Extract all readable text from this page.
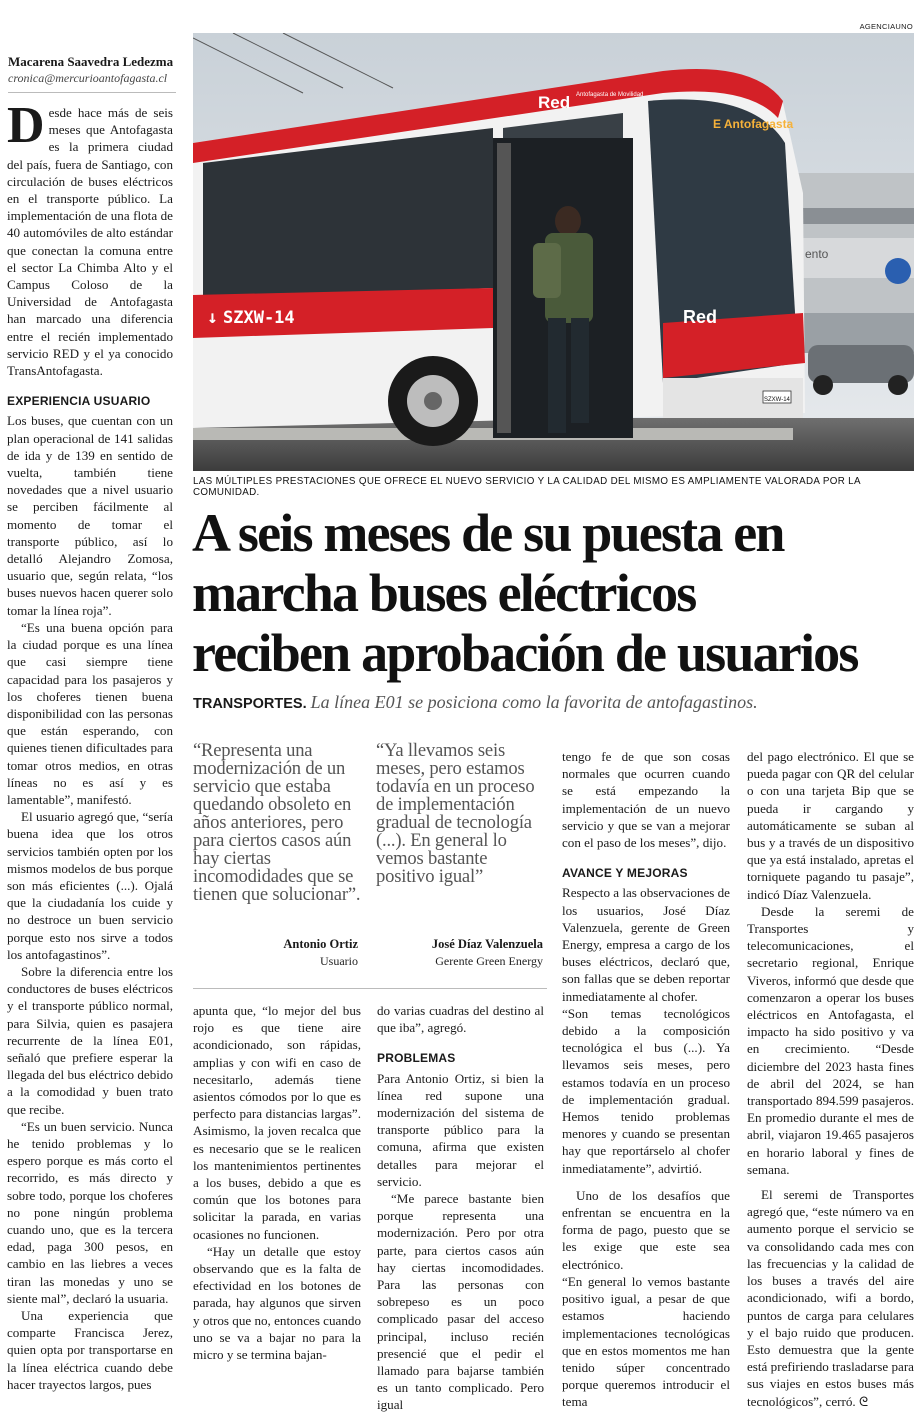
AGENCIAUNO
Macarena Saavedra Ledezma
cronica@mercurioantofagasta.cl
ento
↓ SZXW-14	Red
Red Antofagasta de Movilidad
E Antofagasta
SZXW-14
LAS MÚLTIPLES PRESTACIONES QUE OFRECE EL NUEVO SERVICIO Y LA CALIDAD DEL MISMO ES AMPLIAMENTE VALORADA POR LA COMUNIDAD.
A seis meses de su puesta en
marcha buses eléctricos
reciben aprobación de usuarios
TRANSPORTES. La línea E01 se posiciona como la favorita de antofagastinos.

Desde hace más de seis meses que Antofagasta es la primera ciudad del país, fuera de Santiago, con circulación de buses eléctricos en el transporte público. La implementación de una flota de 40 automóviles de alto estándar que conectan la comuna entre el sector La Chimba Alto y el Campus Coloso de la Universidad de Antofagasta han marcado una diferencia entre el recién implementado servicio RED y el ya conocido TransAntofagasta.

EXPERIENCIA USUARIO

Los buses, que cuentan con un plan operacional de 141 salidas de ida y de 139 en sentido de vuelta, también tiene novedades que a nivel usuario se perciben fácilmente al momento de tomar el transporte público, así lo detalló Alejandro Zomosa, usuario que, según relata, “los buses nuevos hacen querer solo tomar la línea roja”.

“Es una buena opción para la ciudad porque es una línea que casi siempre tiene capacidad para los pasajeros y los choferes tienen buena disponibilidad con las personas que están esperando, con quienes tienen dificultades para tomar otros medios, en otras líneas no es así y es lamentable”, manifestó.

El usuario agregó que, “sería buena idea que los otros servicios también opten por los mismos modelos de bus porque son más eficientes (...). Ojalá que la ciudadanía los cuide y no destroce un buen servicio porque esto nos sirve a todos los antofagastinos”.

Sobre la diferencia entre los conductores de buses eléctricos y el transporte público normal, para Silvia, quien es pasajera recurrente de la línea E01, señaló que prefiere esperar la llegada del bus eléctrico debido a la comodidad y buen trato que recibe.

“Es un buen servicio. Nunca he tenido problemas y lo espero porque es más corto el recorrido, es más directo y sobre todo, porque los choferes no pone ningún problema cuando uno, que es la tercera edad, paga 300 pesos, en cambio en las liebres a veces tiran las monedas y uno se siente mal”, declaró la usuaria.

Una experiencia que comparte Francisca Jerez, quien opta por transportarse en la línea eléctrica cuando debe hacer trayectos largos, pues

“Representa una modernización de un servicio que estaba quedando obsoleto en años anteriores, pero para ciertos casos aún hay ciertas incomodidades que se tienen que solucionar”.
Antonio Ortiz
Usuario
“Ya llevamos seis meses, pero estamos todavía en un proceso de implementación gradual de tecnología (...). En general lo vemos bastante positivo igual”
José Díaz Valenzuela
Gerente Green Energy

apunta que, “lo mejor del bus rojo es que tiene aire acondicionado, son rápidas, amplias y con wifi en caso de necesitarlo, además tiene asientos cómodos por lo que es perfecto para distancias largas”. Asimismo, la joven recalca que es necesario que se le realicen los mantenimientos pertinentes a los buses, debido a que es común que los botones para solicitar la parada, en varias ocasiones no funcionen.

“Hay un detalle que estoy observando que es la falta de efectividad en los botones de parada, hay algunos que sirven y otros que no, entonces cuando uno se va a bajar no para la micro y se termina bajan-

do varias cuadras del destino al que iba”, agregó.

PROBLEMAS

Para Antonio Ortiz, si bien la línea red supone una modernización del sistema de transporte público para la comuna, afirma que existen detalles para mejorar el servicio.

“Me parece bastante bien porque representa una modernización. Pero por otra parte, para ciertos casos aún hay ciertas incomodidades. Para las personas con sobrepeso es un poco complicado pasar del acceso principal, incluso recién presencié que el pedir el llamado para bajarse también es un tanto complicado. Pero igual

tengo fe de que son cosas normales que ocurren cuando se está empezando la implementación de un nuevo servicio y que se van a mejorar con el paso de los meses”, dijo.

AVANCE Y MEJORAS

Respecto a las observaciones de los usuarios, José Díaz Valenzuela, gerente de Green Energy, empresa a cargo de los buses eléctricos, declaró que, son fallas que se deben reportar inmediatamente al chofer.

“Son temas tecnológicos debido a la composición tecnológica el bus (...). Ya llevamos seis meses, pero estamos todavía en un proceso de implementación gradual. Hemos tenido problemas menores y cuando se presentan hay que reportárselo al chofer inmediatamente”, advirtió.

Uno de los desafíos que enfrentan se encuentra en la forma de pago, puesto que se les exige que este sea electrónico.

“En general lo vemos bastante positivo igual, a pesar de que estamos haciendo implementaciones tecnológicas que en estos momentos me han tenido súper concentrado porque queremos introducir el tema

del pago electrónico. El que se pueda pagar con QR del celular o con una tarjeta Bip que se pueda ir cargando y automáticamente se suban al bus y a través de un dispositivo que ya está instalado, apretas el torniquete pagando tu pasaje”, indicó Díaz Valenzuela.

Desde la seremi de Transportes y telecomunicaciones, el secretario regional, Enrique Viveros, informó que desde que comenzaron a operar los buses eléctricos en Antofagasta, el impacto ha sido positivo y va en crecimiento. “Desde diciembre del 2023 hasta fines de abril del 2024, se han transportado 894.599 pasajeros. En promedio durante el mes de abril, viajaron 19.465 pasajeros en horario laboral y fines de semana.

El seremi de Transportes agregó que, “este número va en aumento porque el servicio se va consolidando cada mes con las frecuencias y la calidad de los buses a través del aire acondicionado, wifi a bordo, puntos de carga para celulares y el bajo ruido que producen. Esto demuestra que la gente está prefiriendo trasladarse para sus viajes en estos buses más tecnológicos”, cerró. ᘓ
